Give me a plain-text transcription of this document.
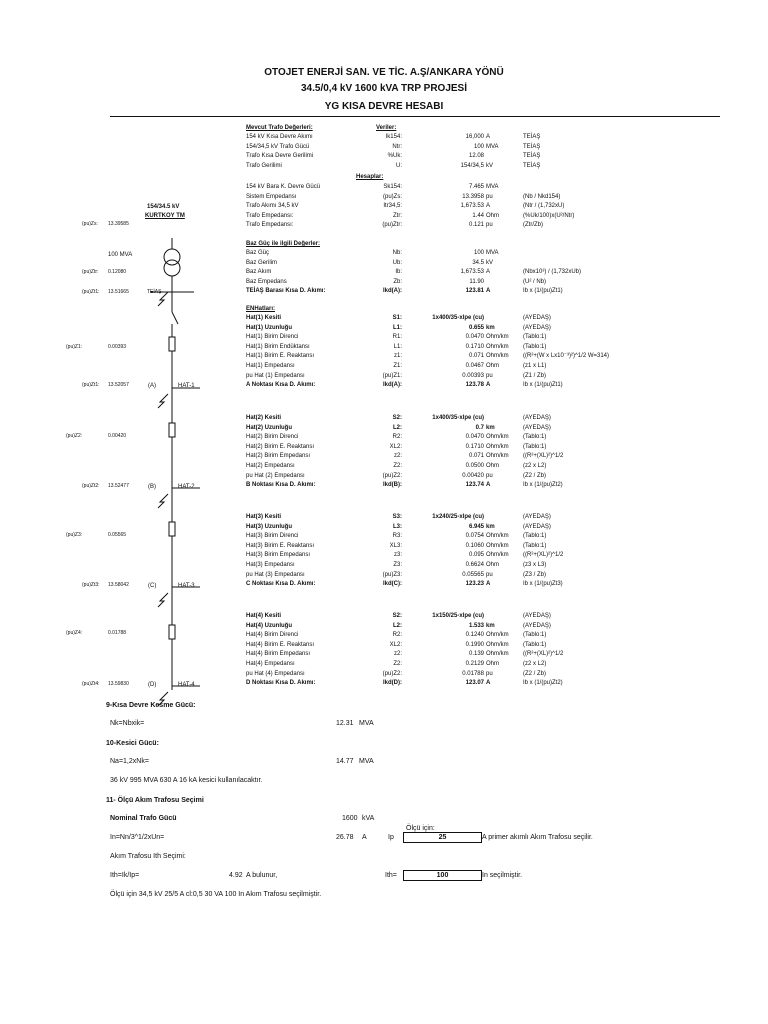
OTOJET ENERJİ SAN. VE TİC. A.Ş/ANKARA YÖNÜ
34.5/0,4 kV 1600 kVA TRP PROJESİ
YG KISA DEVRE HESABI
(pu)Zs: 13.39585
154/34.5 kV
KURTKOY TM
100 MVA
(pu)Ztr: 0.12080
(pu)Zt1: 13.51665	TEİAŞ
(pu)Z1:	0.00393
(pu)Zt1: 13.52057	(A)	HAT-1
(pu)Z2:	0.00420
(pu)Zt2: 13.52477	(B)	HAT-2
(pu)Z3:	0.05565
(pu)Zt3: 13.58042	(C)	HAT-3
(pu)Z4:	0.01788
(pu)Zt4: 13.59830	(D)	HAT-4
Mevcut Trafo Değerleri:	Veriler:
154 kV Kısa Devre Akımı	Ik154:	16,000 A	TEİAŞ
154/34,5 kV Trafo Gücü	Ntr:	100 MVA	TEİAŞ
Trafo Kısa Devre Gerilimi	%Uk:	12.08	TEİAŞ
Trafo Gerilimi	U:	154/34,5 kV	TEİAŞ
Hesaplar:
154 kV Bara K. Devre Gücü	Sk154:	7.465 MVA
Sistem Empedansı	(pu)Zs:	13.3958 pu	(Nb / Nkd154)
Trafo Akımı 34,5 kV	Itr34,5:	1,673.53 A	(Ntr / (1,732xU)
Trafo Empedansı:	Ztr:	1.44 Ohm	(%Uk/100)x(U²/Ntr)
Trafo Empedansı:	(pu)Ztr:	0.121 pu	(Ztr/Zb)
Baz Güç ile ilgili Değerler:
Baz Güç	Nb:	100 MVA
Baz Gerilim	Ub:	34.5 kV
Baz Akım	Ib:	1,673.53 A	(Nbx10³) / (1,732xUb)
Baz Empedans	Zb:	11.90	(U² / Nb)
TEİAŞ Barası Kısa D. Akımı:	Ikd(A):	123.81 A	Ib x (1/(pu)Zt1)
ENHatları:
Hat(1) Kesiti	S1:	1x400/35-xlpe (cu)	(AYEDAŞ)
Hat(1) Uzunluğu	L1:	0.655 km	(AYEDAŞ)
Hat(1) Birim Direnci	R1:	0.0470 Ohm/km (Tablo:1)
Hat(1) Birim Endüktansı	L1:	0.1710 Ohm/km (Tablo:1)
Hat(1) Birim E. Reaktansı	z1:	0.071 Ohm/km ((R²+(W x Lx10⁻³)²)^1/2 W=314)
Hat(1) Empedansı	Z1:	0.0467 Ohm	(z1 x L1)
pu Hat (1) Empedansı	(pu)Z1:	0.00393 pu	(Z1 / Zb)
A Noktası Kısa D. Akımı:	Ikd(A):	123.78 A	Ib x (1/(pu)Zt1)
Hat(2) Kesiti	S2:	1x400/35-xlpe (cu)	(AYEDAŞ)
Hat(2) Uzunluğu	L2:	0.7 km	(AYEDAŞ)
Hat(2) Birim Direnci	R2:	0.0470 Ohm/km (Tablo:1)
Hat(2) Birim E. Reaktansı	XL2:	0.1710 Ohm/km (Tablo:1)
Hat(2) Birim Empedansı	z2:	0.071 Ohm/km ((R²+(XL)²)^1/2
Hat(2) Empedansı	Z2:	0.0500 Ohm	(z2 x L2)
pu Hat (2) Empedansı	(pu)Z2:	0.00420 pu	(Z2 / Zb)
B Noktası Kısa D. Akımı:	Ikd(B):	123.74 A	Ib x (1/(pu)Zt2)
Hat(3) Kesiti	S3:	1x240/25-xlpe (cu)	(AYEDAŞ)
Hat(3) Uzunluğu	L3:	6.945 km	(AYEDAŞ)
Hat(3) Birim Direnci	R3:	0.0754 Ohm/km (Tablo:1)
Hat(3) Birim E. Reaktansı	XL3:	0.1060 Ohm/km (Tablo:1)
Hat(3) Birim Empedansı	z3:	0.095 Ohm/km ((R²+(XL)²)^1/2
Hat(3) Empedansı	Z3:	0.6624 Ohm	(z3 x L3)
pu Hat (3) Empedansı	(pu)Z3:	0.05565 pu	(Z3 / Zb)
C Noktası Kısa D. Akımı:	Ikd(C):	123.23 A	Ib x (1/(pu)Zt3)
Hat(4) Kesiti	S2:	1x150/25-xlpe (cu)	(AYEDAŞ)
Hat(4) Uzunluğu	L2:	1.533 km	(AYEDAŞ)
Hat(4) Birim Direnci	R2:	0.1240 Ohm/km (Tablo:1)
Hat(4) Birim E. Reaktansı	XL2:	0.1990 Ohm/km (Tablo:1)
Hat(4) Birim Empedansı	z2:	0.139 Ohm/km ((R²+(XL)²)^1/2
Hat(4) Empedansı	Z2:	0.2129 Ohm	(z2 x L2)
pu Hat (4) Empedansı	(pu)Z2:	0.01788 pu	(Z2 / Zb)
D Noktası Kısa D. Akımı:	Ikd(D):	123.07 A	Ib x (1/(pu)Zt2)
9-Kısa Devre Kesme Gücü:
Nk=Nbxik=	12.31 MVA
10-Kesici Gücü:
Na=1,2xNk=	14.77 MVA
36 kV 995 MVA 630 A 16 kA kesici kullanılacaktır.
11- Ölçü Akım Trafosu Seçimi
Nominal Trafo Gücü	1600 kVA
Ölçü için:
In=Nn/3^1/2xUn=	26.78 A	Ip	25	A primer akımlı Akım Trafosu seçilir.
Akım Trafosu Ith Seçimi:
Ith=Ik/Ip=	4.92 A bulunur,	Ith=	100	In seçilmiştir.
Ölçü için 34,5 kV 25/5 A cl:0,5 30 VA 100 In Akım Trafosu seçilmiştir.
